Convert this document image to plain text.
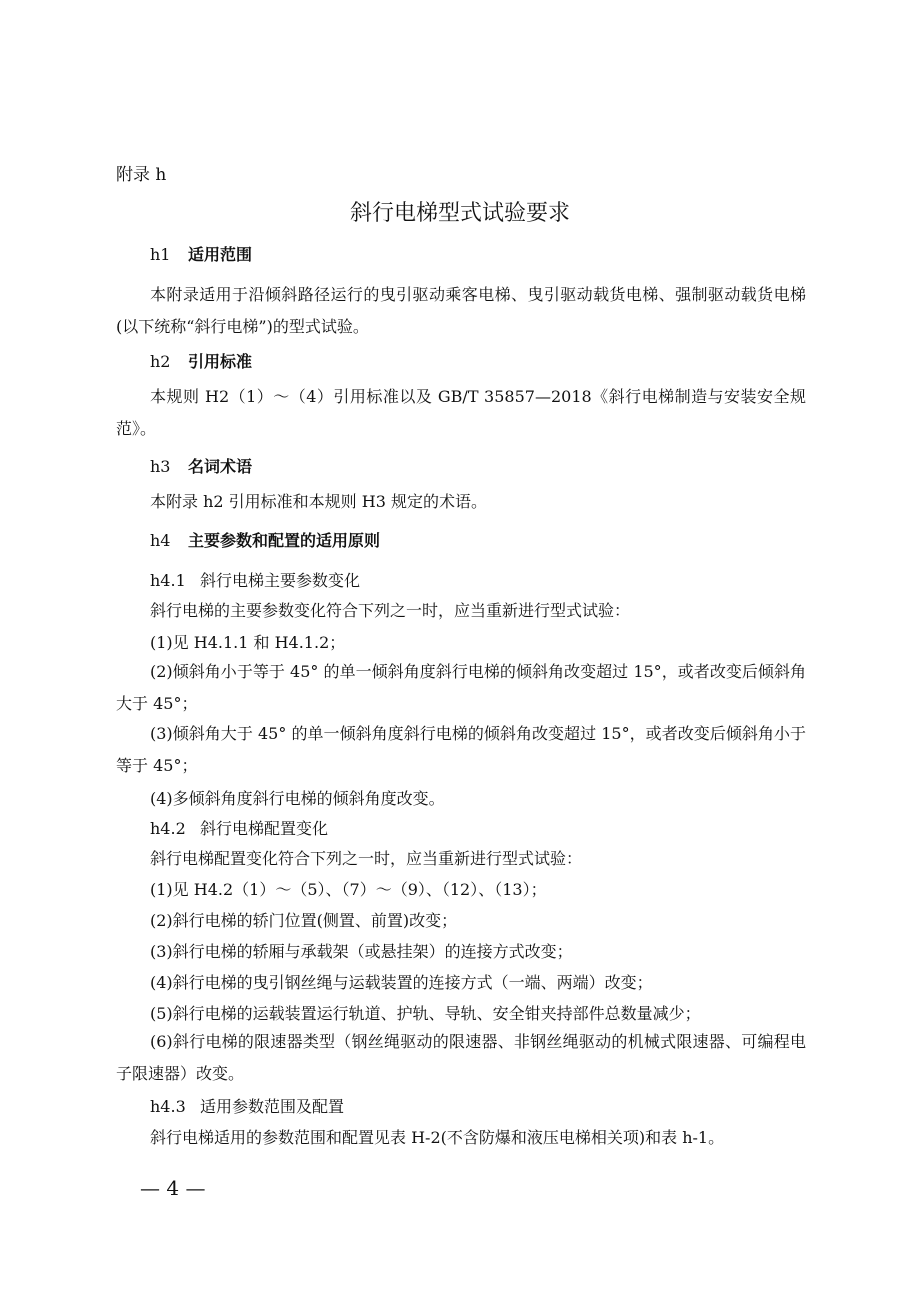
附录 h
斜行电梯型式试验要求
h1 适用范围

本附录适用于沿倾斜路径运行的曳引驱动乘客电梯、曳引驱动载货电梯、强制驱动载货电梯(以下统称“斜行电梯”)的型式试验。

h2 引用标准

本规则 H2（1）～（4）引用标准以及 GB/T 35857—2018《斜行电梯制造与安装安全规范》。

h3 名词术语

本附录 h2 引用标准和本规则 H3 规定的术语。

h4 主要参数和配置的适用原则
h4.1 斜行电梯主要参数变化
斜行电梯的主要参数变化符合下列之一时，应当重新进行型式试验：
(1)见 H4.1.1 和 H4.1.2；

(2)倾斜角小于等于 45° 的单一倾斜角度斜行电梯的倾斜角改变超过 15°，或者改变后倾斜角大于 45°；

(3)倾斜角大于 45° 的单一倾斜角度斜行电梯的倾斜角改变超过 15°，或者改变后倾斜角小于等于 45°；

(4)多倾斜角度斜行电梯的倾斜角度改变。
h4.2 斜行电梯配置变化
斜行电梯配置变化符合下列之一时，应当重新进行型式试验：
(1)见 H4.2（1）～（5）、（7）～（9）、（12）、（13）；
(2)斜行电梯的轿门位置(侧置、前置)改变；
(3)斜行电梯的轿厢与承载架（或悬挂架）的连接方式改变；
(4)斜行电梯的曳引钢丝绳与运载装置的连接方式（一端、两端）改变；
(5)斜行电梯的运载装置运行轨道、护轨、导轨、安全钳夹持部件总数量减少；

(6)斜行电梯的限速器类型（钢丝绳驱动的限速器、非钢丝绳驱动的机械式限速器、可编程电子限速器）改变。

h4.3 适用参数范围及配置
斜行电梯适用的参数范围和配置见表 H-2(不含防爆和液压电梯相关项)和表 h-1。
— 4 —
